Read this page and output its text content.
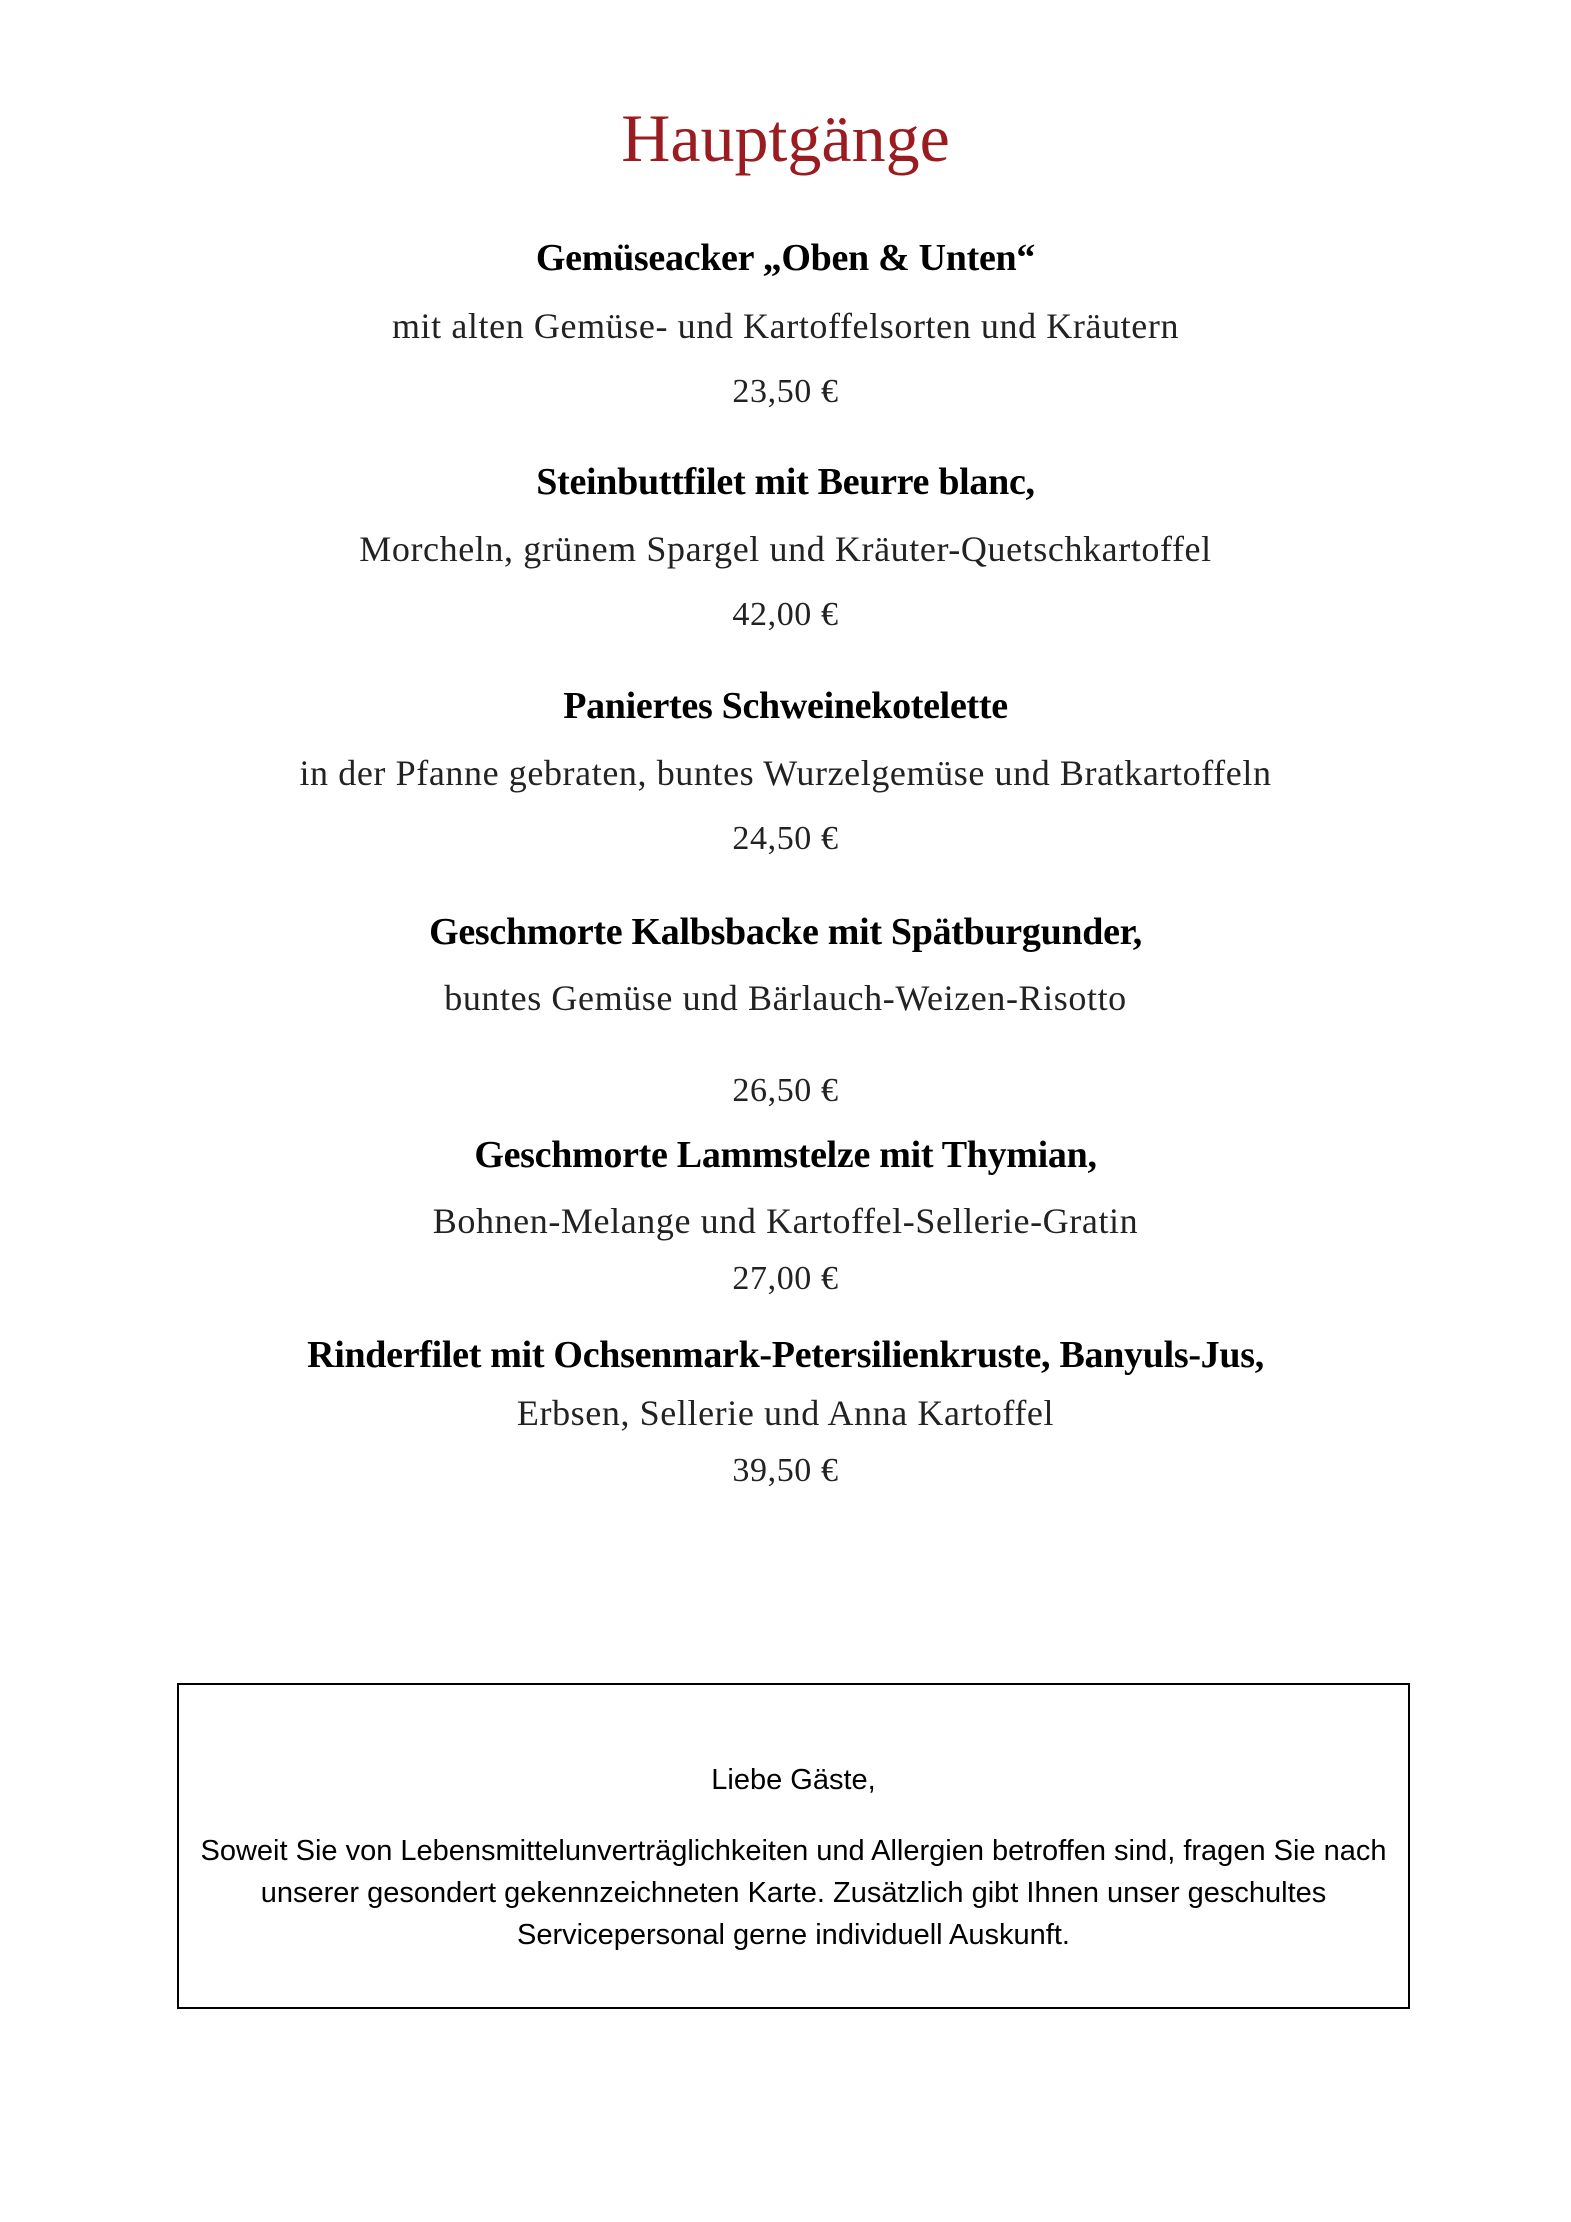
Hauptgänge
Gemüseacker „Oben & Unten“
mit alten Gemüse- und Kartoffelsorten und Kräutern
23,50 €
Steinbuttfilet mit Beurre blanc,
Morcheln, grünem Spargel und Kräuter-Quetschkartoffel
42,00 €
Paniertes Schweinekotelette
in der Pfanne gebraten, buntes Wurzelgemüse und Bratkartoffeln
24,50 €
Geschmorte Kalbsbacke mit Spätburgunder,
buntes Gemüse und Bärlauch-Weizen-Risotto
26,50 €
Geschmorte Lammstelze mit Thymian,
Bohnen-Melange und Kartoffel-Sellerie-Gratin
27,00 €
Rinderfilet mit Ochsenmark-Petersilienkruste, Banyuls-Jus,
Erbsen, Sellerie und Anna Kartoffel
39,50 €
Liebe Gäste,
Soweit Sie von Lebensmittelunverträglichkeiten und Allergien betroffen sind, fragen Sie nach unserer gesondert gekennzeichneten Karte. Zusätzlich gibt Ihnen unser geschultes Servicepersonal gerne individuell Auskunft.
